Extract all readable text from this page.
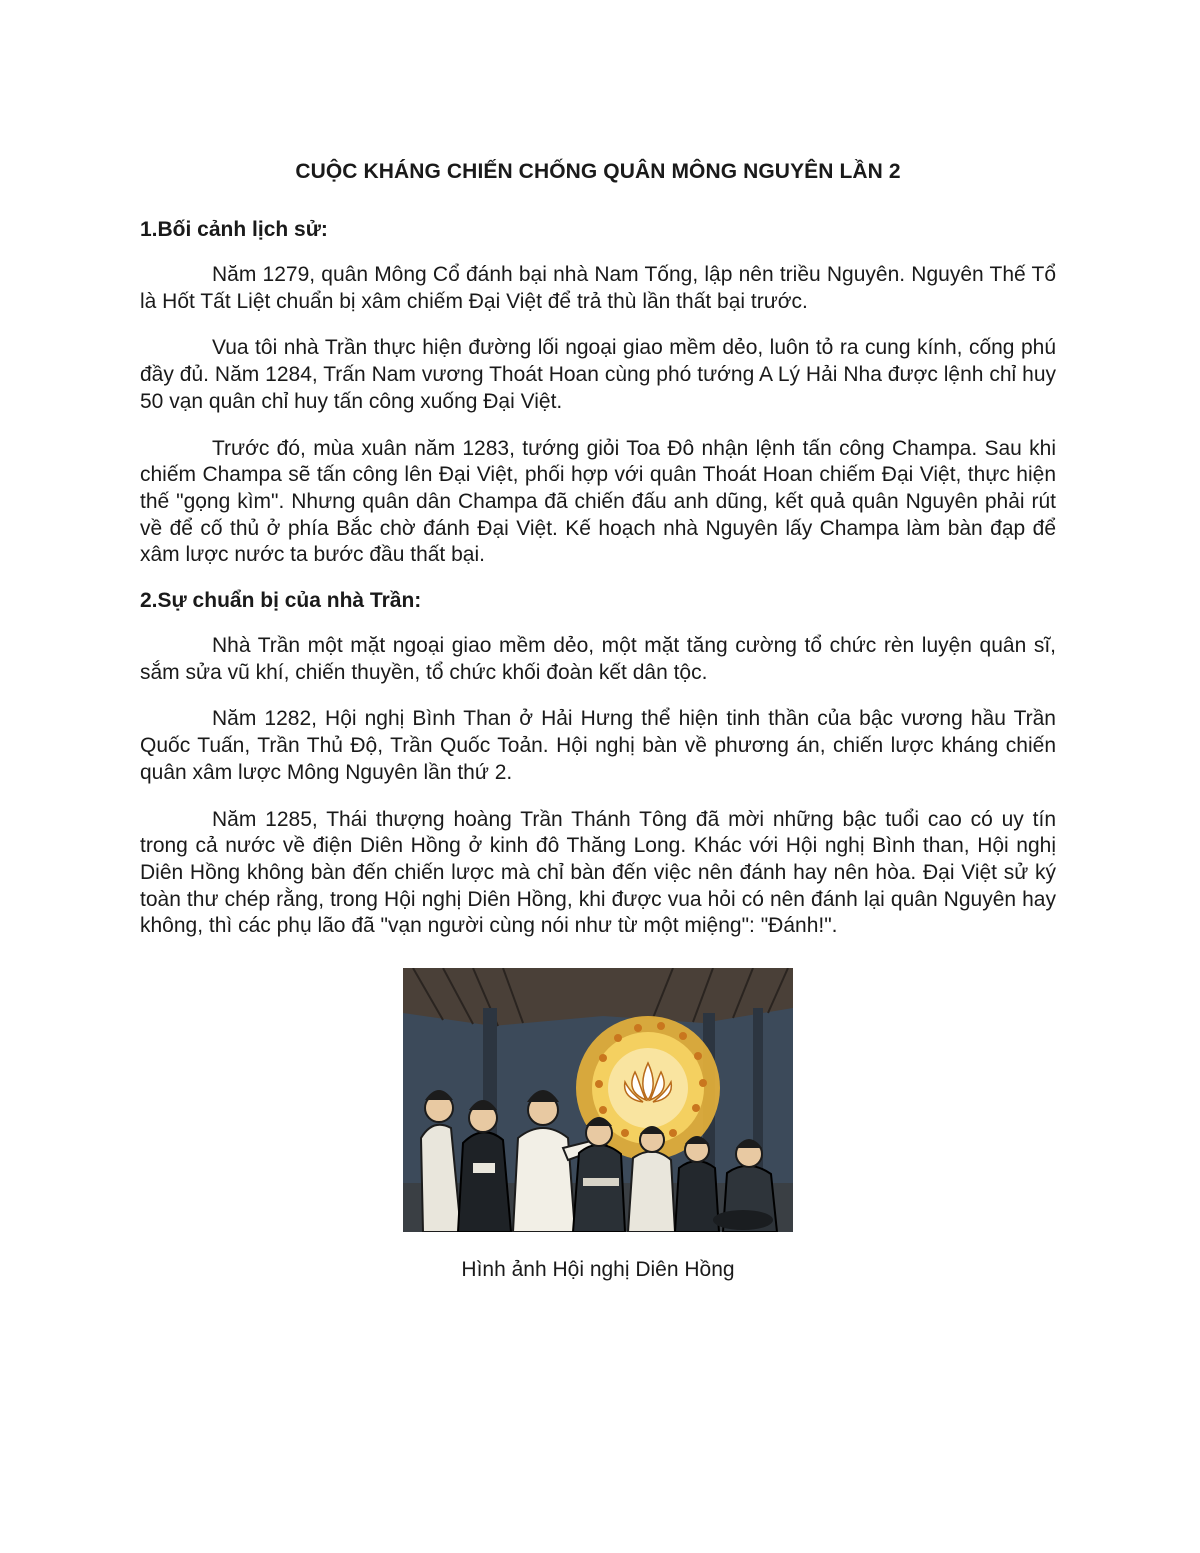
CUỘC KHÁNG CHIẾN CHỐNG QUÂN MÔNG NGUYÊN LẦN 2
1.Bối cảnh lịch sử:

Năm 1279, quân Mông Cổ đánh bại nhà Nam Tống, lập nên triều Nguyên. Nguyên Thế Tổ là Hốt Tất Liệt chuẩn bị xâm chiếm Đại Việt để trả thù lần thất bại trước.

Vua tôi nhà Trần thực hiện đường lối ngoại giao mềm dẻo, luôn tỏ ra cung kính, cống phú đầy đủ. Năm 1284, Trấn Nam vương Thoát Hoan cùng phó tướng A Lý Hải Nha được lệnh chỉ huy 50 vạn quân chỉ huy tấn công xuống Đại Việt.

Trước đó, mùa xuân năm 1283, tướng giỏi Toa Đô nhận lệnh tấn công Champa. Sau khi chiếm Champa sẽ tấn công lên Đại Việt, phối hợp với quân Thoát Hoan chiếm Đại Việt, thực hiện thế "gọng kìm". Nhưng quân dân Champa đã chiến đấu anh dũng, kết quả quân Nguyên phải rút về để cố thủ ở phía Bắc chờ đánh Đại Việt. Kế hoạch nhà Nguyên lấy Champa làm bàn đạp để xâm lược nước ta bước đầu thất bại.

2.Sự chuẩn bị của nhà Trần:

Nhà Trần một mặt ngoại giao mềm dẻo, một mặt tăng cường tổ chức rèn luyện quân sĩ, sắm sửa vũ khí, chiến thuyền, tổ chức khối đoàn kết dân tộc.

Năm 1282, Hội nghị Bình Than ở Hải Hưng thể hiện tinh thần của bậc vương hầu Trần Quốc Tuấn, Trần Thủ Độ, Trần Quốc Toản. Hội nghị bàn về phương án, chiến lược kháng chiến quân xâm lược Mông Nguyên lần thứ 2.

Năm 1285, Thái thượng hoàng Trần Thánh Tông đã mời những bậc tuổi cao có uy tín trong cả nước về điện Diên Hồng ở kinh đô Thăng Long. Khác với Hội nghị Bình than, Hội nghị Diên Hồng không bàn đến chiến lược mà chỉ bàn đến việc nên đánh hay nên hòa. Đại Việt sử ký toàn thư chép rằng, trong Hội nghị Diên Hồng, khi được vua hỏi có nên đánh lại quân Nguyên hay không, thì các phụ lão đã "vạn người cùng nói như từ một miệng": "Đánh!".

Hình ảnh Hội nghị Diên Hồng
